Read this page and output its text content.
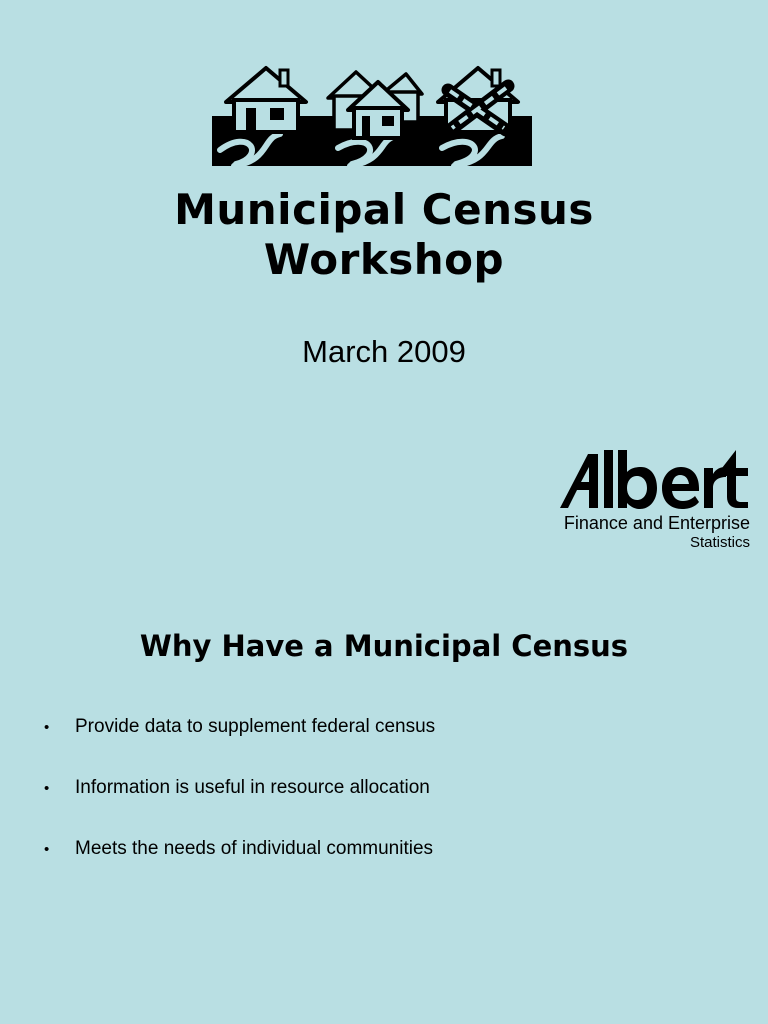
Municipal Census
Workshop
March 2009
Finance and Enterprise
Statistics
Why Have a Municipal Census
•	Provide data to supplement federal census
•	Information is useful in resource allocation
•	Meets the needs of individual communities
